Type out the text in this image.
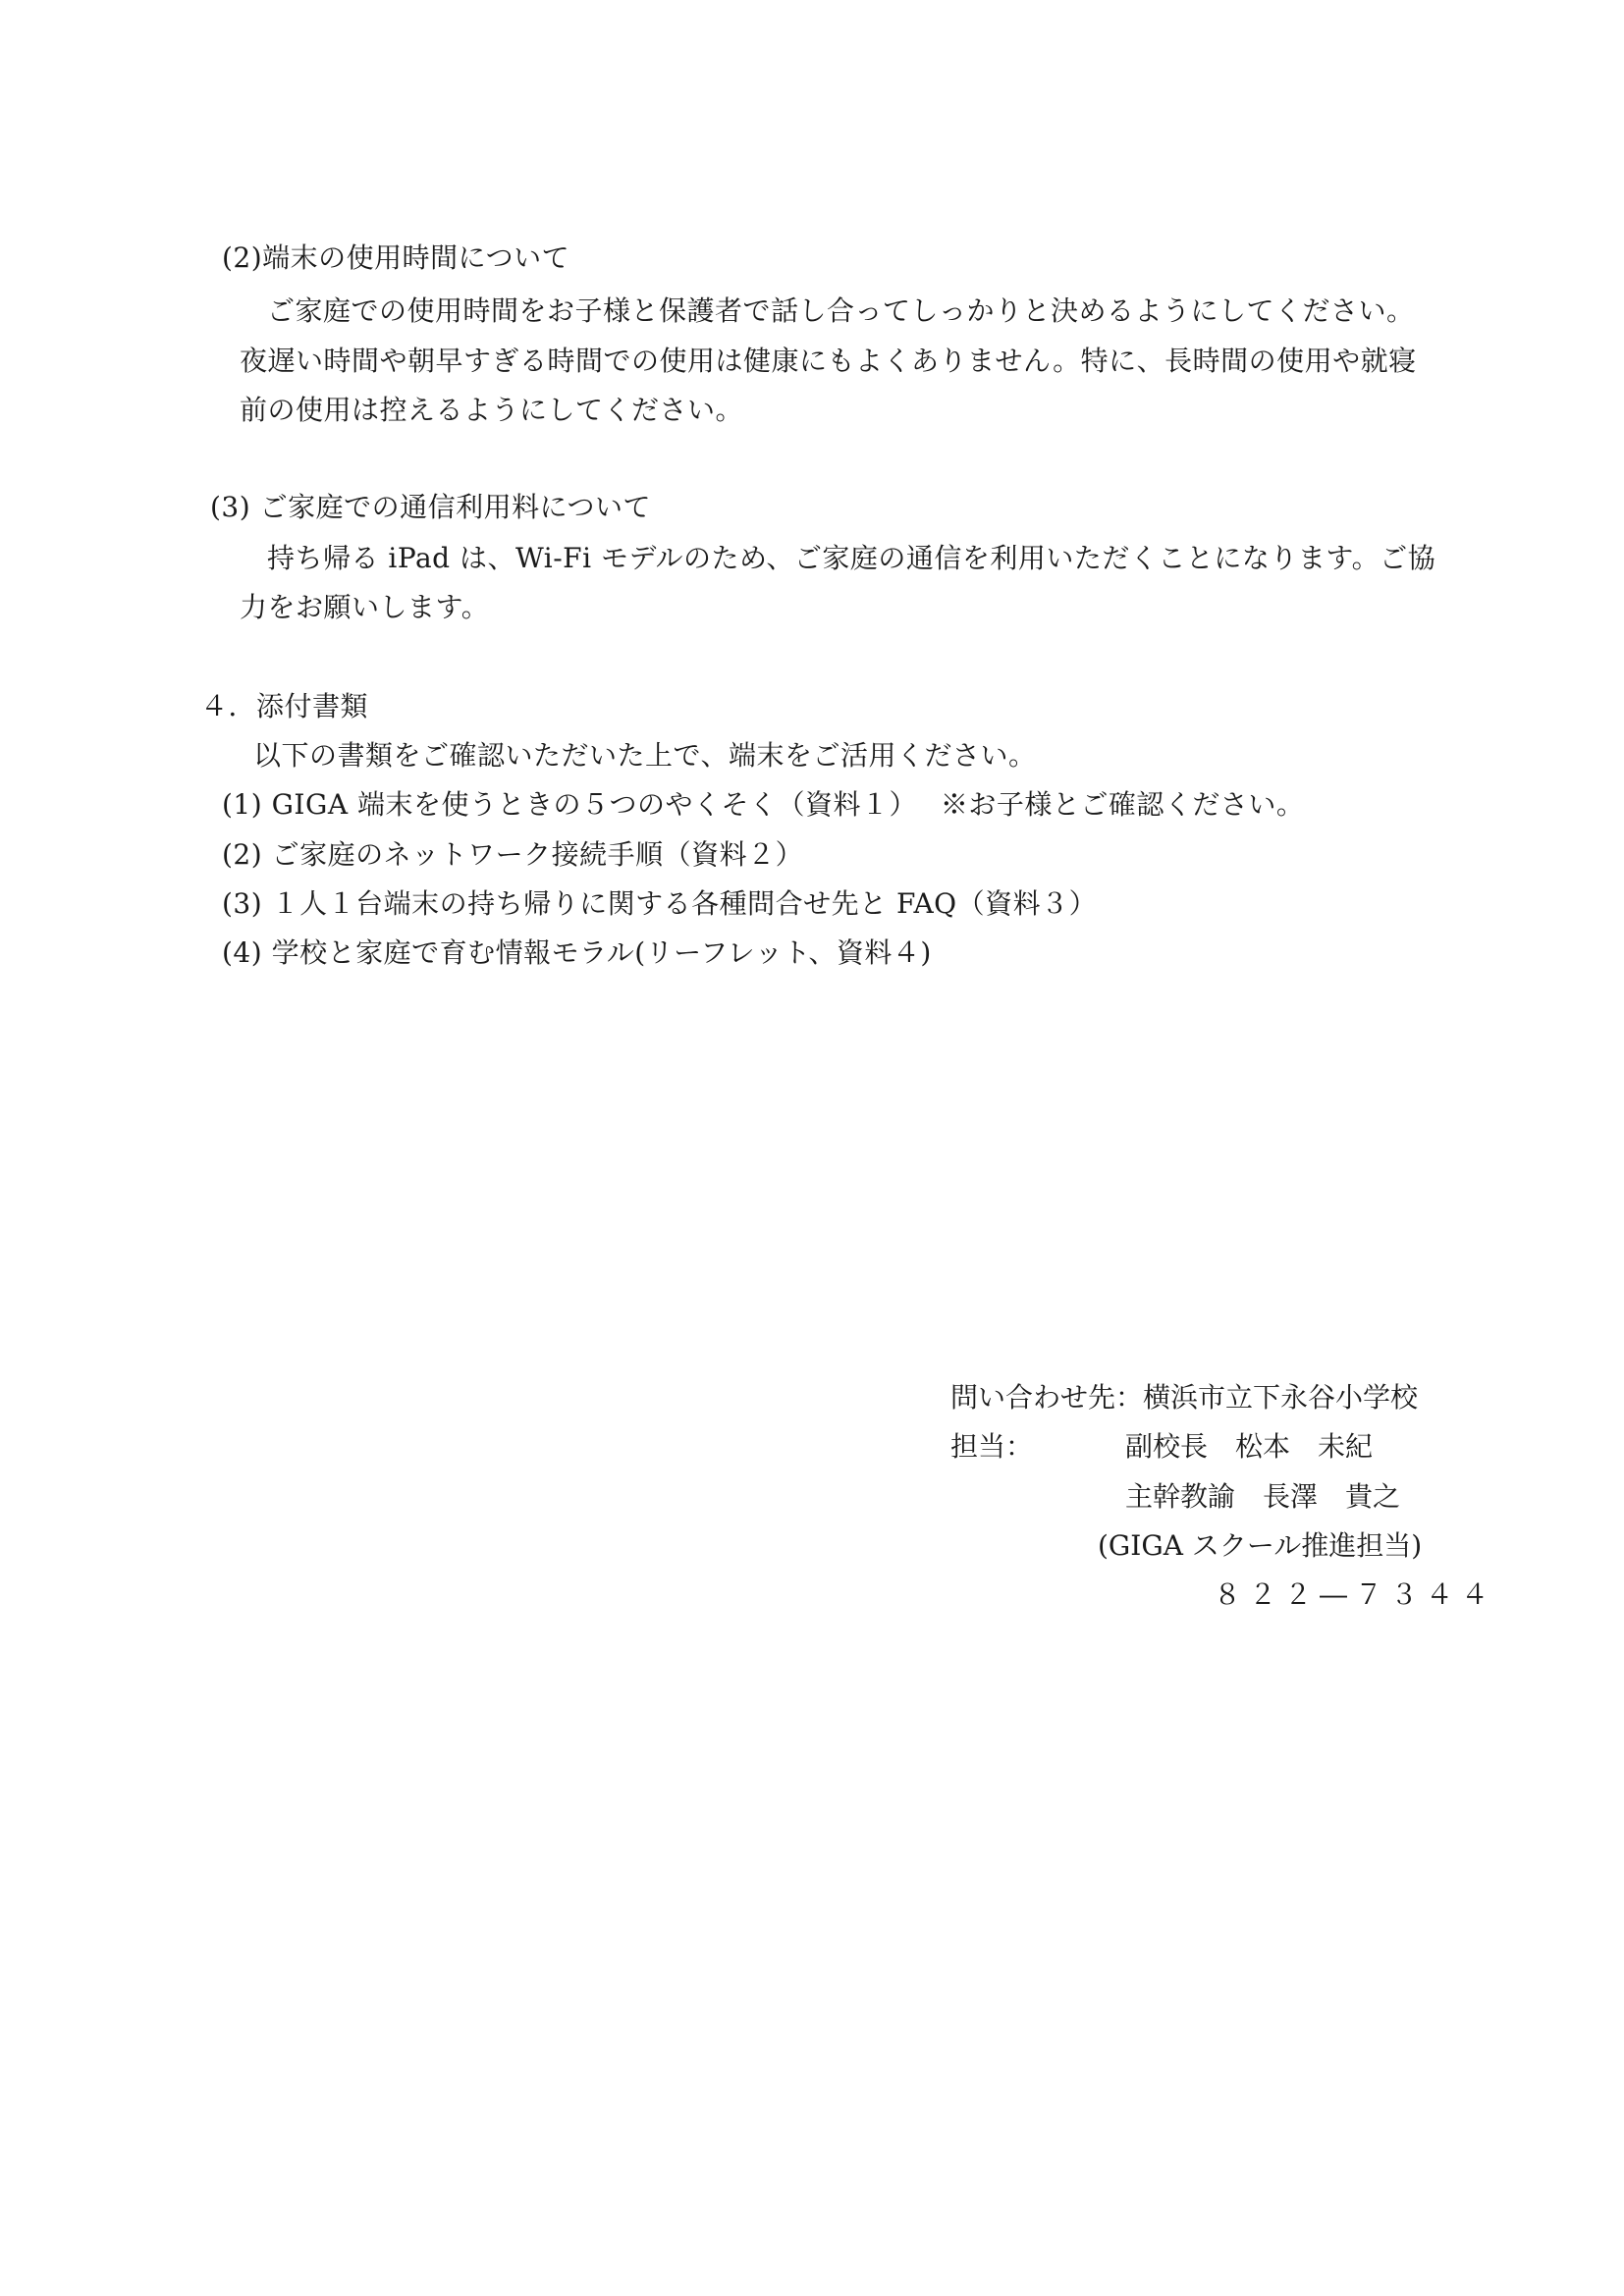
(2)端末の使用時間について
ご家庭での使用時間をお子様と保護者で話し合ってしっかりと決めるようにしてください。
夜遅い時間や朝早すぎる時間での使用は健康にもよくありません。特に、長時間の使用や就寝
前の使用は控えるようにしてください。
(3) ご家庭での通信利用料について
持ち帰る iPad は、Wi-Fi モデルのため、ご家庭の通信を利用いただくことになります。ご協
力をお願いします。
４．添付書類
以下の書類をご確認いただいた上で、端末をご活用ください。
(1) GIGA 端末を使うときの５つのやくそく（資料１）　 ※お子様とご確認ください。
(2) ご家庭のネットワーク接続手順（資料２）
(3) １人１台端末の持ち帰りに関する各種問合せ先と FAQ（資料３）
(4) 学校と家庭で育む情報モラル(リーフレット、資料４)
問い合わせ先：横浜市立下永谷小学校
担当：	副校長　松本　未紀
主幹教諭　長澤　貴之
(GIGA スクール推進担当)
８２２―７３４４
